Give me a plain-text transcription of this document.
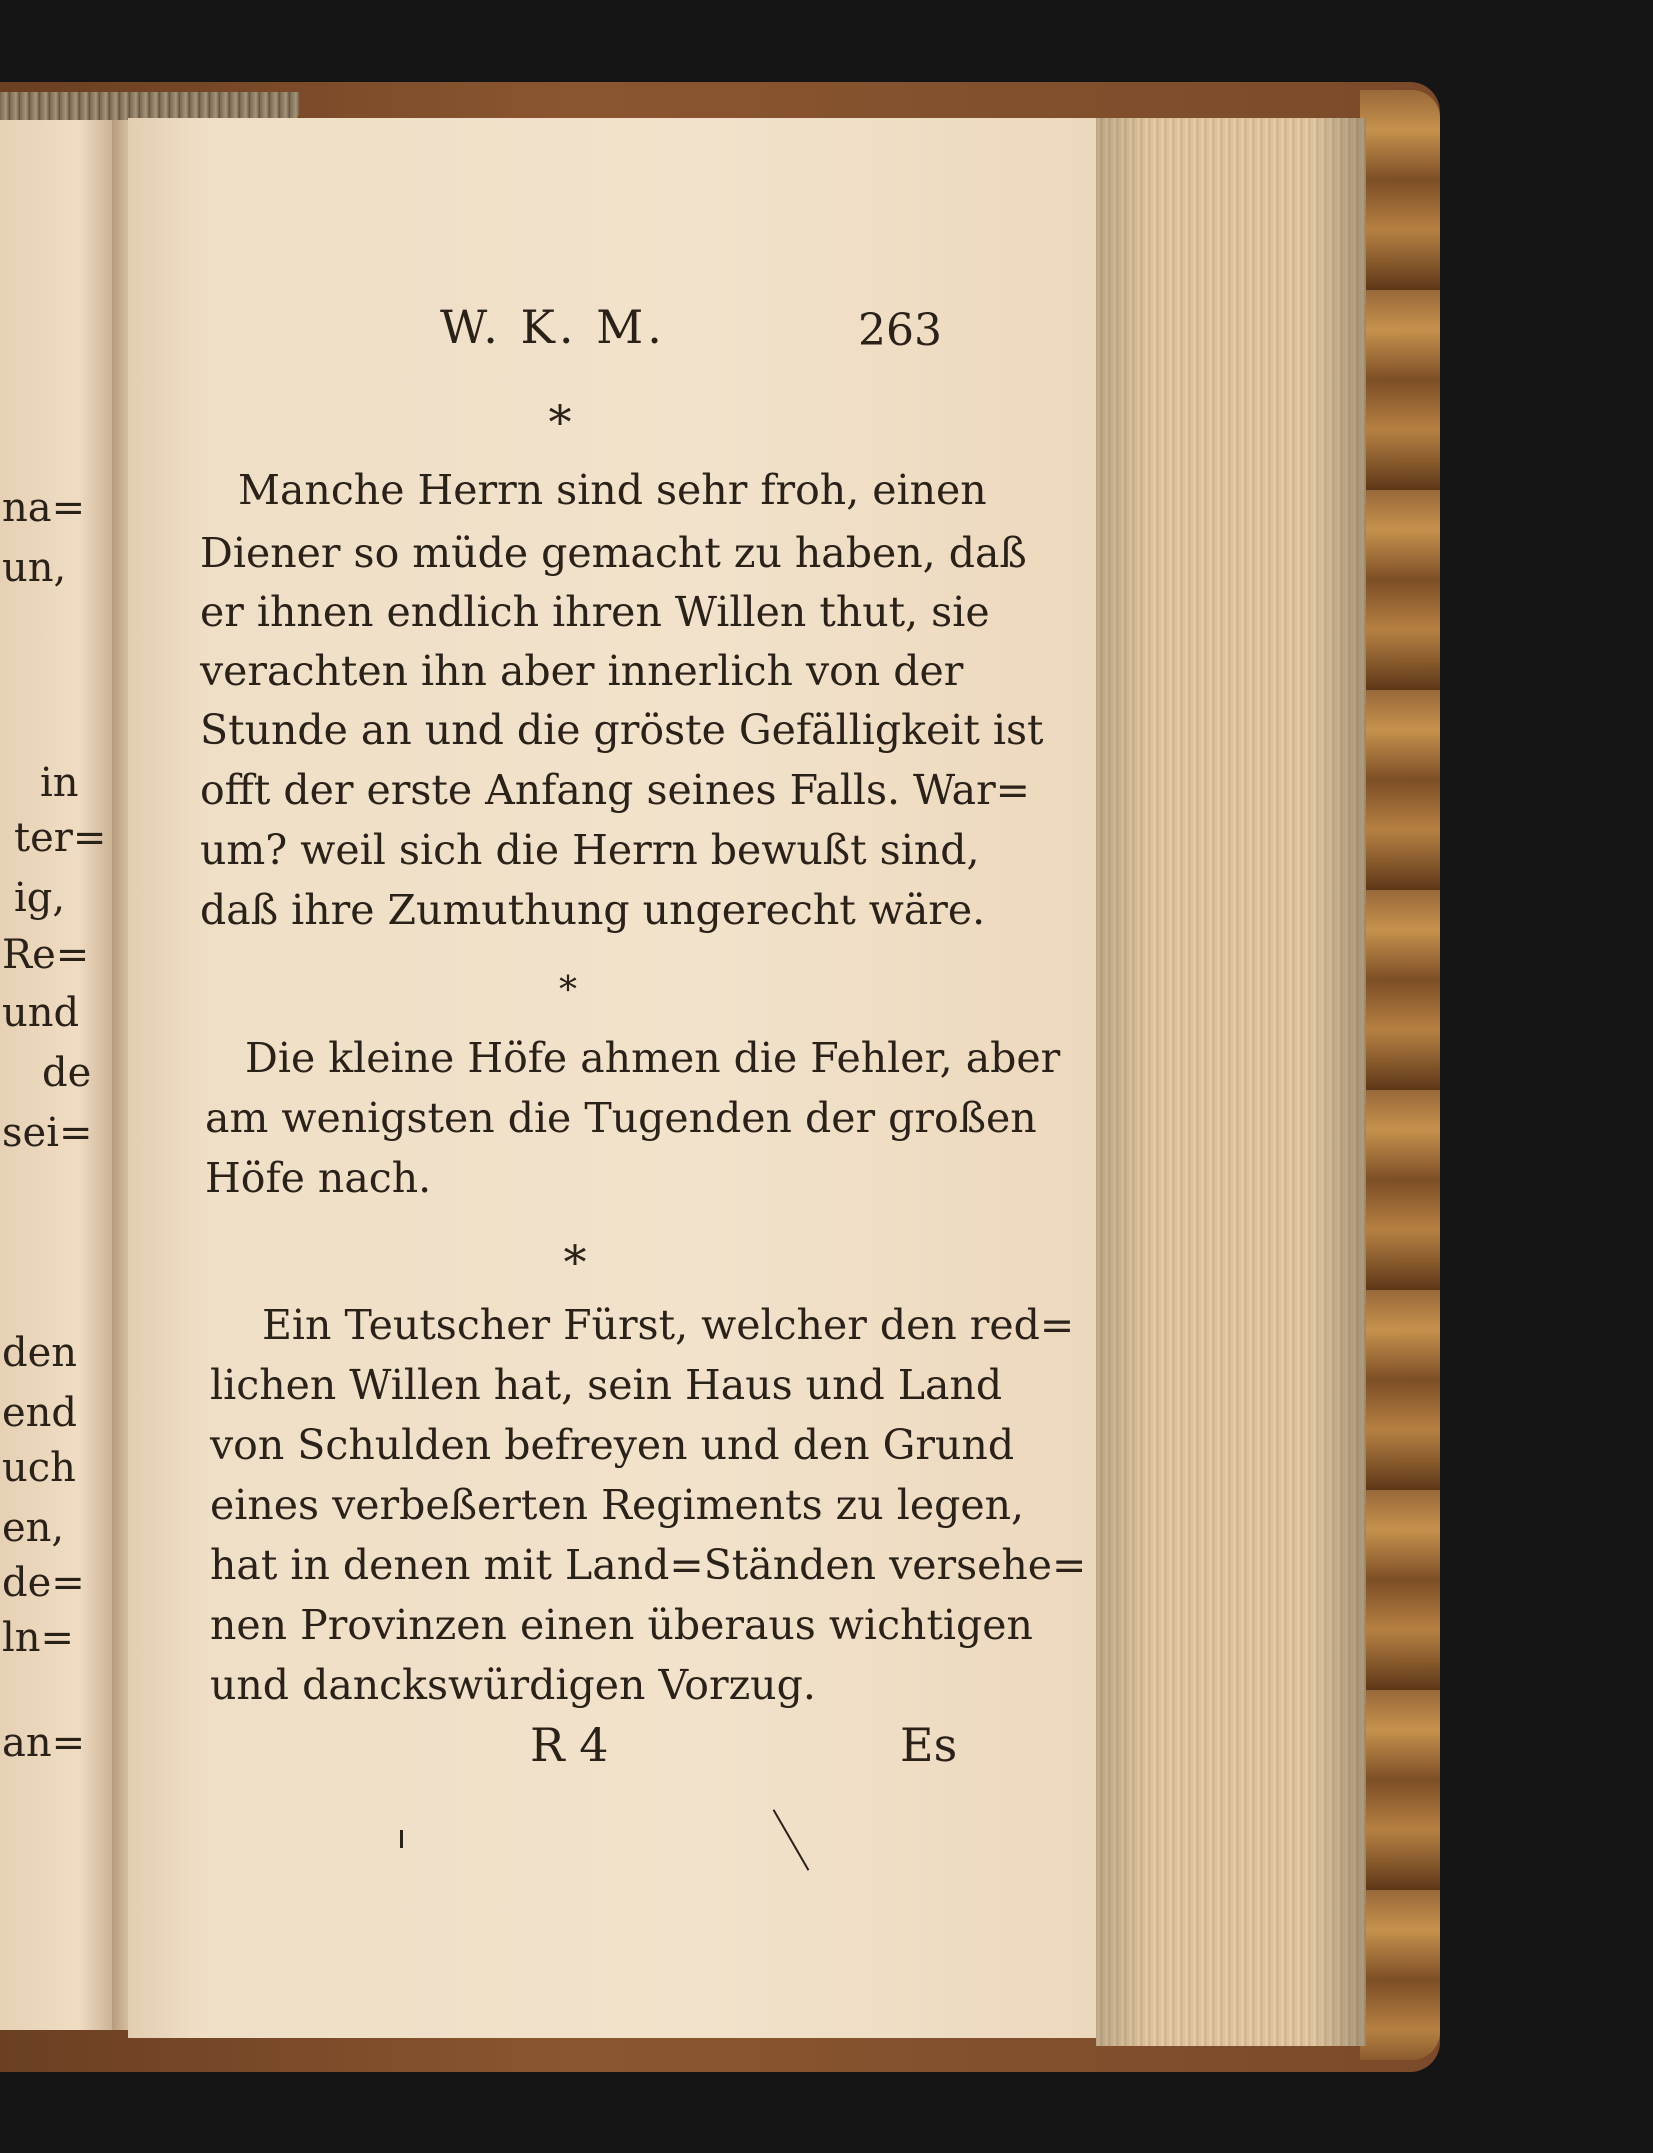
na=
un,
in
ter=
ig,
Re=
und
de
sei=
den
end
uch
en,
de=
ln=
an=
W. K. M.	263
*
Manche Herrn sind sehr froh, einen
Diener so müde gemacht zu haben, daß
er ihnen endlich ihren Willen thut, sie
verachten ihn aber innerlich von der
Stunde an und die gröste Gefälligkeit ist
offt der erste Anfang seines Falls. War=
um? weil sich die Herrn bewußt sind,
daß ihre Zumuthung ungerecht wäre.
*
Die kleine Höfe ahmen die Fehler, aber
am wenigsten die Tugenden der großen
Höfe nach.
*
Ein Teutscher Fürst, welcher den red=
lichen Willen hat, sein Haus und Land
von Schulden befreyen und den Grund
eines verbeßerten Regiments zu legen,
hat in denen mit Land=Ständen versehe=
nen Provinzen einen überaus wichtigen
und danckswürdigen Vorzug.
R 4	Es
